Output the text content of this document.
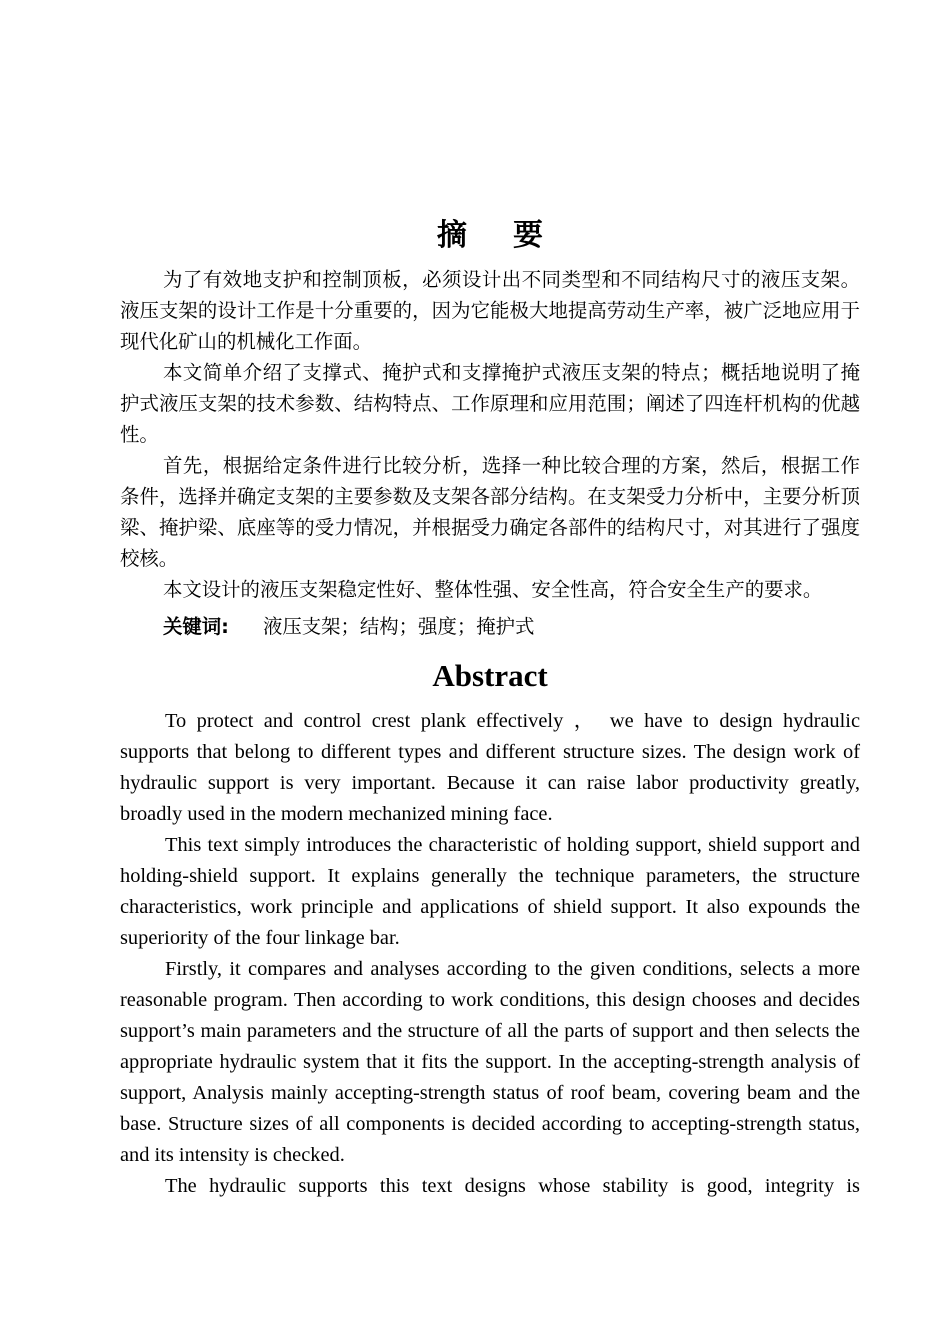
摘 要

为了有效地支护和控制顶板，必须设计出不同类型和不同结构尺寸的液压支架。液压支架的设计工作是十分重要的，因为它能极大地提高劳动生产率，被广泛地应用于现代化矿山的机械化工作面。

本文简单介绍了支撑式、掩护式和支撑掩护式液压支架的特点；概括地说明了掩护式液压支架的技术参数、结构特点、工作原理和应用范围；阐述了四连杆机构的优越性。

首先，根据给定条件进行比较分析，选择一种比较合理的方案，然后，根据工作条件，选择并确定支架的主要参数及支架各部分结构。在支架受力分析中，主要分析顶梁、掩护梁、底座等的受力情况，并根据受力确定各部件的结构尺寸，对其进行了强度校核。

本文设计的液压支架稳定性好、整体性强、安全性高，符合安全生产的要求。

关键词: 液压支架；结构；强度；掩护式
Abstract

To protect and control crest plank effectively ， we have to design hydraulic supports that belong to different types and different structure sizes. The design work of hydraulic support is very important. Because it can raise labor productivity greatly, broadly used in the modern mechanized mining face.

This text simply introduces the characteristic of holding support, shield support and holding-shield support. It explains generally the technique parameters, the structure characteristics, work principle and applications of shield support. It also expounds the superiority of the four linkage bar.

Firstly, it compares and analyses according to the given conditions, selects a more reasonable program. Then according to work conditions, this design chooses and decides support’s main parameters and the structure of all the parts of support and then selects the appropriate hydraulic system that it fits the support. In the accepting-strength analysis of support, Analysis mainly accepting-strength status of roof beam, covering beam and the base. Structure sizes of all components is decided according to accepting-strength status, and its intensity is checked.

The hydraulic supports this text designs whose stability is good, integrity is
